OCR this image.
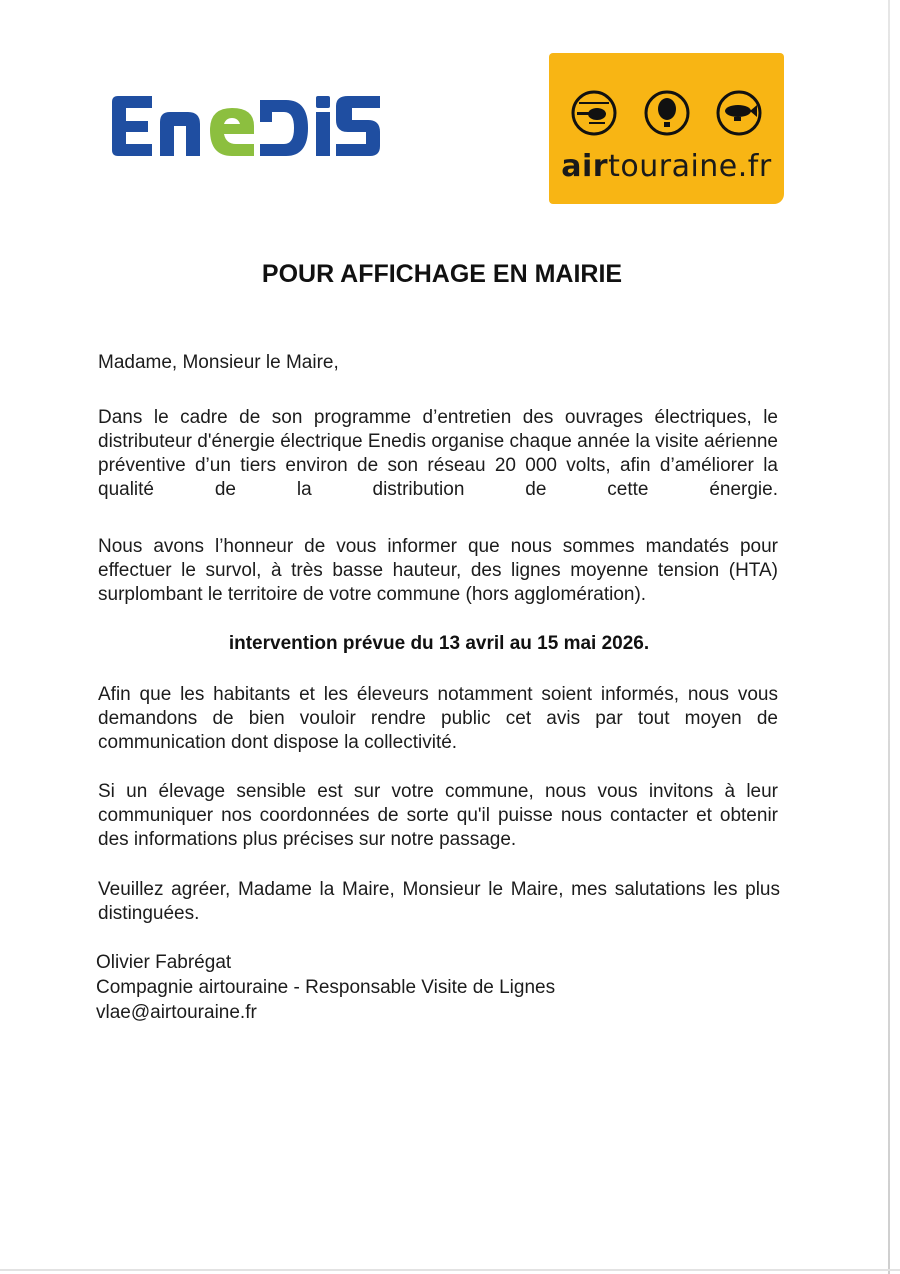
airtouraine.fr
POUR AFFICHAGE EN MAIRIE
Madame, Monsieur le Maire,
Dans le cadre de son programme d’entretien des ouvrages électriques, le distributeur d'énergie électrique Enedis organise chaque année la visite aérienne préventive d’un tiers environ de son réseau 20 000 volts, afin d’améliorer la qualité de la distribution de cette énergie.
Nous avons l’honneur de vous informer que nous sommes mandatés pour effectuer le survol, à très basse hauteur, des lignes moyenne tension (HTA) surplombant le territoire de votre commune (hors agglomération).
intervention prévue du 13 avril au 15 mai 2026.
Afin que les habitants et les éleveurs notamment soient informés, nous vous demandons de bien vouloir rendre public cet avis par tout moyen de communication dont dispose la collectivité.
Si un élevage sensible est sur votre commune, nous vous invitons à leur communiquer nos coordonnées de sorte qu'il puisse nous contacter et obtenir des informations plus précises sur notre passage.
Veuillez agréer, Madame la Maire, Monsieur le Maire, mes salutations les plus distinguées.
Olivier Fabrégat
Compagnie airtouraine - Responsable Visite de Lignes
vlae@airtouraine.fr
